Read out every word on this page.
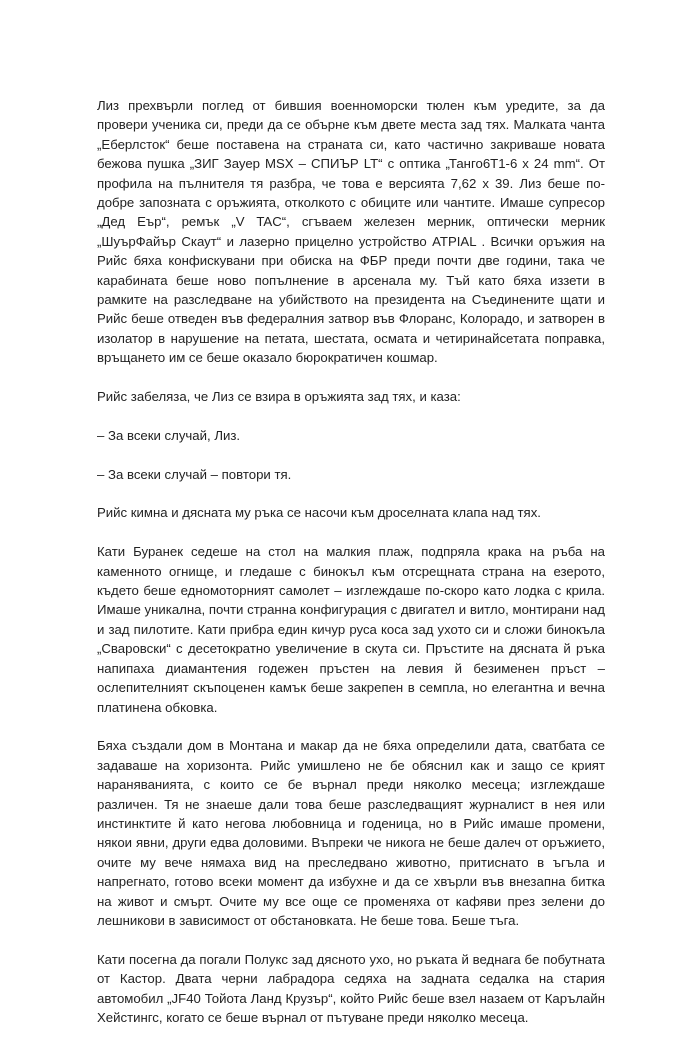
Лиз прехвърли поглед от бившия военноморски тюлен към уредите, за да провери ученика си, преди да се обърне към двете места зад тях. Малката чанта „Еберлсток“ беше поставена на страната си, като частично закриваше новата бежова пушка „ЗИГ Зауер MSX – СПИЪР LT“ с оптика „Танго6Т1-6 х 24 mm“. От профила на пълнителя тя разбра, че това е версията 7,62 х 39. Лиз беше по-добре запозната с оръжията, отколкото с обиците или чантите. Имаше супресор „Дед Еър“, ремък „V TAC“, сгъваем железен мерник, оптически мерник „ШуърФайър Скаут“ и лазерно прицелно устройство ATPIAL . Всички оръжия на Рийс бяха конфискувани при обиска на ФБР преди почти две години, така че карабината беше ново попълнение в арсенала му. Тъй като бяха иззети в рамките на разследване на убийството на президента на Съединените щати и Рийс беше отведен във федералния затвор във Флоранс, Колорадо, и затворен в изолатор в нарушение на петата, шестата, осмата и четиринайсетата поправка, връщането им се беше оказало бюрократичен кошмар.

Рийс забеляза, че Лиз се взира в оръжията зад тях, и каза:

– За всеки случай, Лиз.

– За всеки случай – повтори тя.

Рийс кимна и дясната му ръка се насочи към дроселната клапа над тях.

Кати Буранек седеше на стол на малкия плаж, подпряла крака на ръба на каменното огнище, и гледаше с бинокъл към отсрещната страна на езерото, където беше едномоторният самолет – изглеждаше по-скоро като лодка с крила. Имаше уникална, почти странна конфигурация с двигател и витло, монтирани над и зад пилотите. Кати прибра един кичур руса коса зад ухото си и сложи бинокъла „Сваровски“ с десетократно увеличение в скута си. Пръстите на дясната й ръка напипаха диамантения годежен пръстен на левия й безименен пръст – ослепителният скъпоценен камък беше закрепен в семпла, но елегантна и вечна платинена обковка.

Бяха създали дом в Монтана и макар да не бяха определили дата, сватбата се задаваше на хоризонта. Рийс умишлено не бе обяснил как и защо се крият нараняванията, с които се бе върнал преди няколко месеца; изглеждаше различен. Тя не знаеше дали това беше разследващият журналист в нея или инстинктите й като негова любовница и годеница, но в Рийс имаше промени, някои явни, други едва доловими. Въпреки че никога не беше далеч от оръжието, очите му вече нямаха вид на преследвано животно, притиснато в ъгъла и напрегнато, готово всеки момент да избухне и да се хвърли във внезапна битка на живот и смърт. Очите му все още се променяха от кафяви през зелени до лешникови в зависимост от обстановката. Не беше това. Беше тъга.

Кати посегна да погали Полукс зад дясното ухо, но ръката й веднага бе побутната от Кастор. Двата черни лабрадора седяха на задната седалка на стария автомобил „JF40 Тойота Ланд Крузър“, който Рийс беше взел назаем от Карълайн Хейстингс, когато се беше върнал от пътуване преди няколко месеца.
